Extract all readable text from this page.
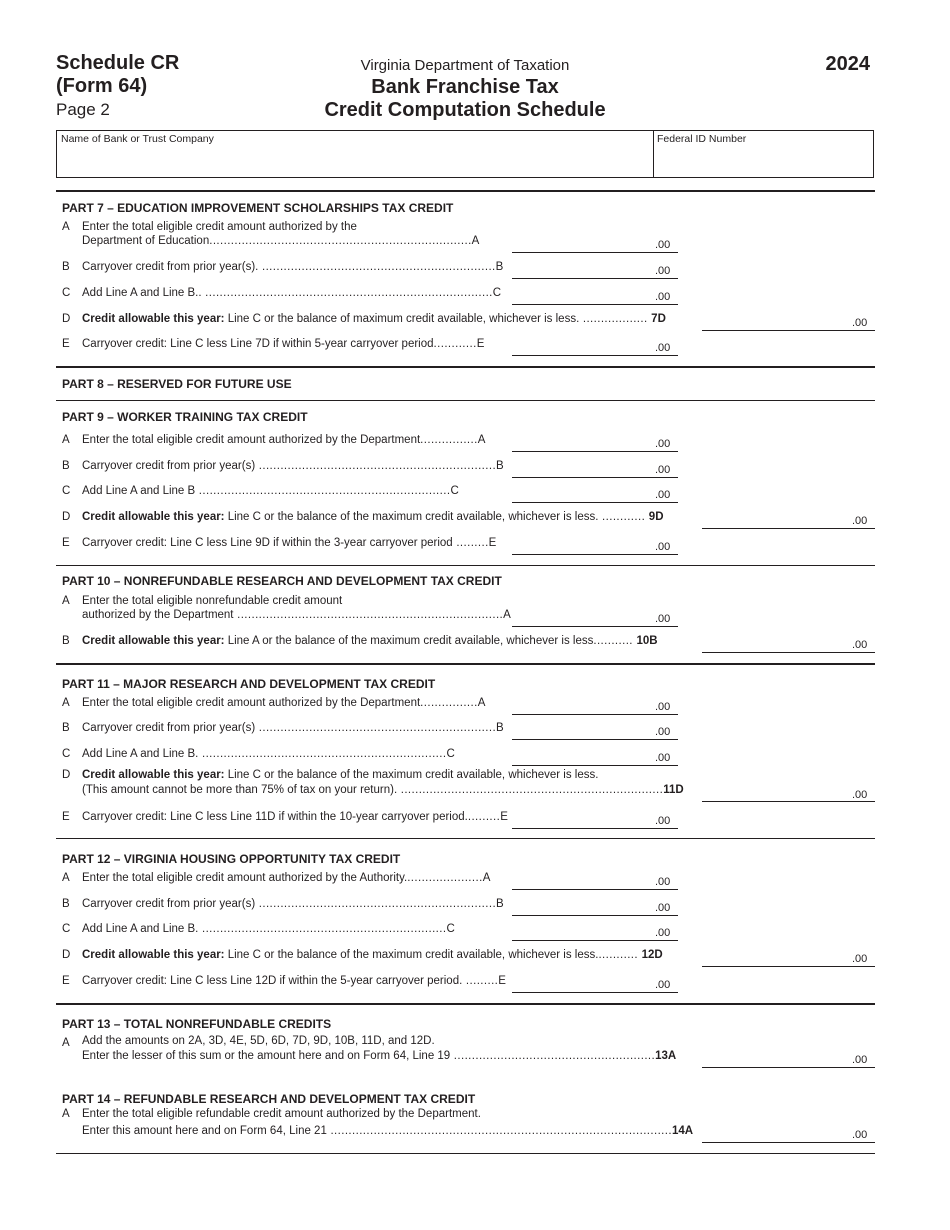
Schedule CR
(Form 64)
Page 2
Virginia Department of Taxation
Bank Franchise Tax
Credit Computation Schedule
2024
Name of Bank or Trust Company	Federal ID Number
PART 7 – EDUCATION IMPROVEMENT SCHOLARSHIPS TAX CREDIT
A Enter the total eligible credit amount authorized by the
Department of Education.........................................................................A	.00
B Carryover credit from prior year(s). .................................................................B	.00
C Add Line A and Line B.. ................................................................................C	.00
D Credit allowable this year: Line C or the balance of maximum credit available, whichever is less. .................. 7D	.00
E Carryover credit: Line C less Line 7D if within 5-year carryover period............E	.00
PART 8 – RESERVED FOR FUTURE USE
PART 9 – WORKER TRAINING TAX CREDIT
A Enter the total eligible credit amount authorized by the Department................A	.00
B Carryover credit from prior year(s) ..................................................................B	.00
C Add Line A and Line B ......................................................................C	.00
D Credit allowable this year: Line C or the balance of the maximum credit available, whichever is less. ............ 9D	.00
E Carryover credit: Line C less Line 9D if within the 3-year carryover period .........E	.00
PART 10 – NONREFUNDABLE RESEARCH AND DEVELOPMENT TAX CREDIT
A Enter the total eligible nonrefundable credit amount
authorized by the Department ..........................................................................A	.00
B Credit allowable this year: Line A or the balance of the maximum credit available, whichever is less........... 10B	.00
PART 11 – MAJOR RESEARCH AND DEVELOPMENT TAX CREDIT
A Enter the total eligible credit amount authorized by the Department................A	.00
B Carryover credit from prior year(s) ..................................................................B	.00
C Add Line A and Line B. ....................................................................C	.00
D Credit allowable this year: Line C or the balance of the maximum credit available, whichever is less.
(This amount cannot be more than 75% of tax on your return). .........................................................................11D	.00
E Carryover credit: Line C less Line 11D if within the 10-year carryover period..........E	.00
PART 12 – VIRGINIA HOUSING OPPORTUNITY TAX CREDIT
A Enter the total eligible credit amount authorized by the Authority......................A	.00
B Carryover credit from prior year(s) ..................................................................B	.00
C Add Line A and Line B. ....................................................................C	.00
D Credit allowable this year: Line C or the balance of the maximum credit available, whichever is less............ 12D	.00
E Carryover credit: Line C less Line 12D if within the 5-year carryover period. .........E	.00
PART 13 – TOTAL NONREFUNDABLE CREDITS
A Add the amounts on 2A, 3D, 4E, 5D, 6D, 7D, 9D, 10B, 11D, and 12D.
Enter the lesser of this sum or the amount here and on Form 64, Line 19 ........................................................13A	.00
PART 14 – REFUNDABLE RESEARCH AND DEVELOPMENT TAX CREDIT
A Enter the total eligible refundable credit amount authorized by the Department.
Enter this amount here and on Form 64, Line 21 ...............................................................................................14A	.00
